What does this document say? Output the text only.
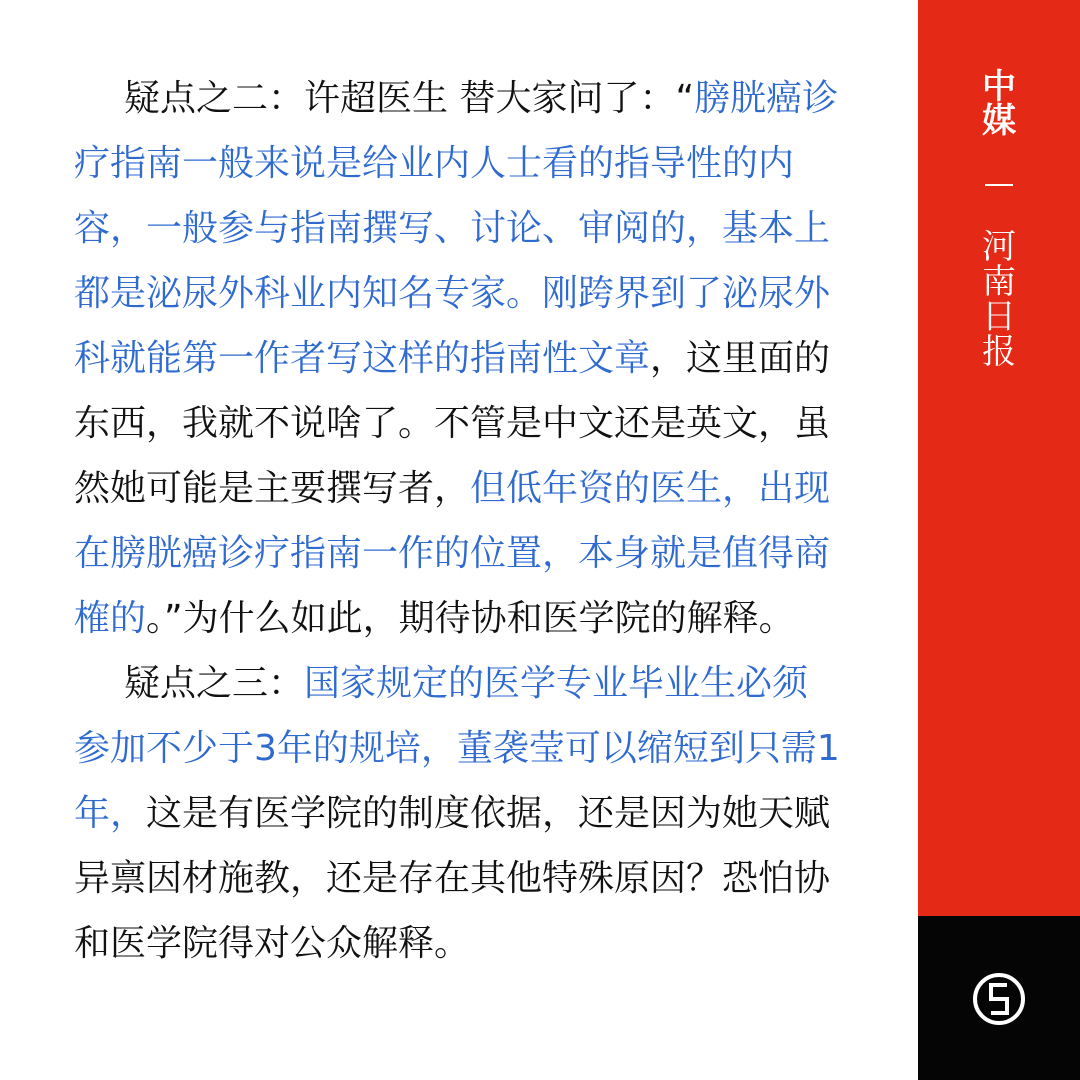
疑点之二：许超医生 替大家问了：“膀胱癌诊疗指南一般来说是给业内人士看的指导性的内容，一般参与指南撰写、讨论、审阅的，基本上都是泌尿外科业内知名专家。刚跨界到了泌尿外科就能第一作者写这样的指南性文章，这里面的东西，我就不说啥了。不管是中文还是英文，虽然她可能是主要撰写者，但低年资的医生，出现在膀胱癌诊疗指南一作的位置，本身就是值得商榷的。”为什么如此，期待协和医学院的解释。

疑点之三：国家规定的医学专业毕业生必须参加不少于3年的规培，董袭莹可以缩短到只需1年，这是有医学院的制度依据，还是因为她天赋异禀因材施教，还是存在其他特殊原因？恐怕协和医学院得对公众解释。

中
媒
河
南
日
报
